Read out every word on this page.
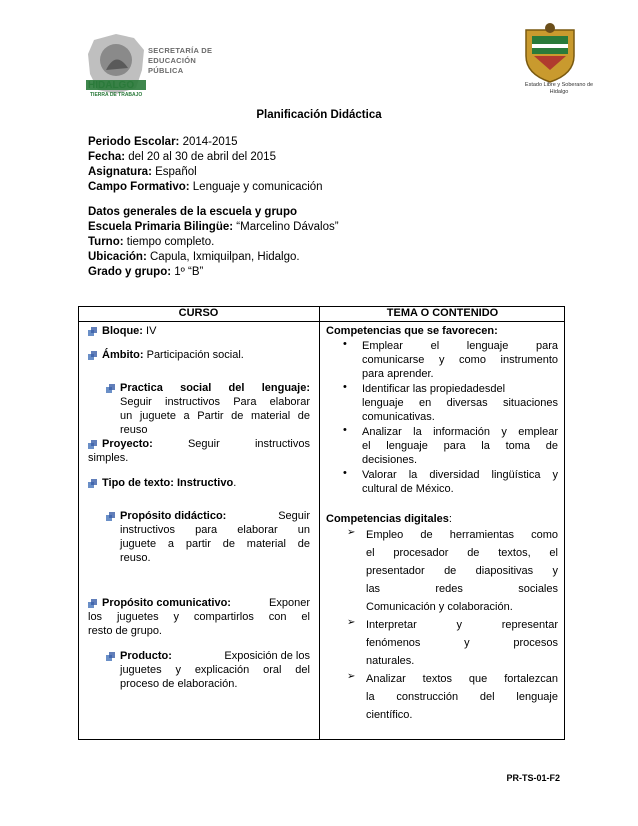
SECRETARÍA DE
EDUCACIÓN
PÚBLICA
HIDALGO
TIERRA DE TRABAJO
Estado Libre y Soberano de Hidalgo
Planificación Didáctica
Periodo Escolar: 2014-2015
Fecha: del 20 al 30 de abril del 2015
Asignatura: Español
Campo Formativo: Lenguaje y comunicación
Datos generales de la escuela y grupo
Escuela Primaria Bilingüe: “Marcelino Dávalos”
Turno: tiempo completo.
Ubicación: Capula, Ixmiquilpan, Hidalgo.
Grado y grupo: 1º “B”
CURSO	TEMA O CONTENIDO
Bloque: IV
Ámbito: Participación social.
Practica social del lenguaje:
Seguir instructivos Para elaborar
un juguete a Partir de material de
reuso
Proyecto:	Seguir	instructivos
simples.
Tipo de texto: Instructivo.
Propósito didáctico:	Seguir
instructivos para elaborar un
juguete a partir de material de
reuso.
Propósito comunicativo:	Exponer
los juguetes y compartirlos con el
resto de grupo.
Producto:	Exposición de los
juguetes y explicación oral del
proceso de elaboración.
Competencias que se favorecen:
• Emplear el lenguaje para
comunicarse y como instrumento
para aprender.
• Identificar las propiedadesdel
lenguaje en diversas situaciones
comunicativas.
• Analizar la información y emplear
el lenguaje para la toma de
decisiones.
• Valorar la diversidad lingüística y
cultural de México.
Competencias digitales:
➢ Empleo de herramientas como
el procesador de textos, el
presentador de diapositivas y
las redes sociales
Comunicación y colaboración.
➢ Interpretar y representar
fenómenos y procesos
naturales.
➢ Analizar textos que fortalezcan
la construcción del lenguaje
científico.
PR-TS-01-F2
